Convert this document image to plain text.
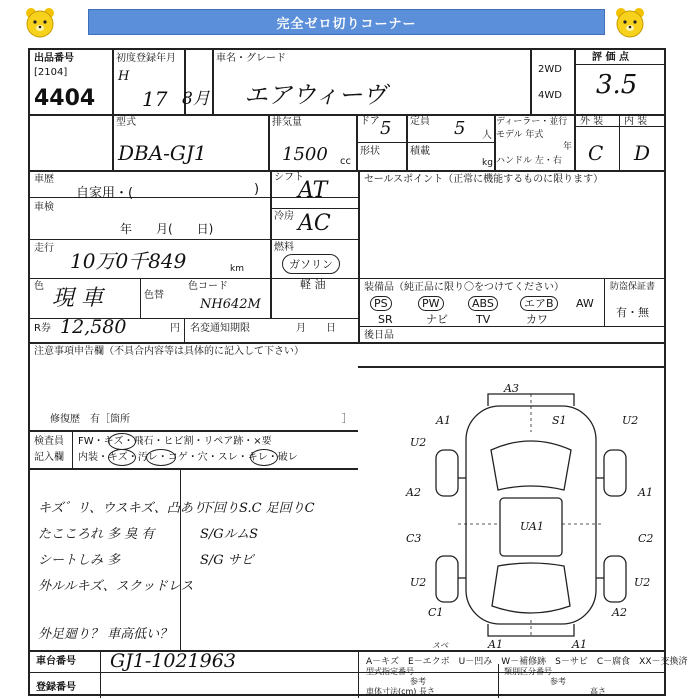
完全ゼロ切りコーナー
出品番号
[2104]
4404
初度登録年月
H
17 8月
車名・グレード
エアウィーヴ
2WD
4WD
評 価 点
3.5
型式
DBA-GJ1
排気量
1500 cc
ドア 5 定員 5 人
形状	積載
kg
ディーラー・並行
モデル 年式
年
ハンドル 左・右
外 装 内 装
C D
車歴
自家用・(	)
車検
年　　月(　　日)
走行
10万0千849	km
色 現 車	色替
色コード
NH642M
シフト
AT
冷房 AC
燃料
ガソリン
軽 油
R券 12,580	円 名変通知期限	月　　日
セールスポイント（正常に機能するものに限ります）
装備品（純正品に限り〇をつけてください）	防盗保証書
有・無
PS	PW	ABS	エアB	AW
SR	ナビ	TV	カワ
後日品
注意事項申告欄（不具合内容等は具体的に記入して下さい）
修復歴　有［箇所	］
検査員 FW・キズ・飛石・ヒビ割・リペア跡・×要
記入欄 内装・キズ・汚レ・コゲ・穴・スレ・キレ・破レ
キズ゛リ、ウスキズ、凸あり
たこころれ 多 臭 有
シートしみ 多
外ルルキズ、スクッドレス
外足廻り？ 車高低い？
下回りS.C 足回りC
S/GルムS
S/G サビ
A3
S1
A1
U2
U2
A2	A1
C3	C2
UA1
U2	U2
C1	A2
A1	A1
スベ
車台番号 GJ1-1021963	A－キズ　E－エクボ　U－凹み　W－補修跡　S－サビ　C－腐食　XX－交換済
登録番号
型式指定番号	類別区分番号
参考	参考
車体寸法(cm) 長さ	高さ
